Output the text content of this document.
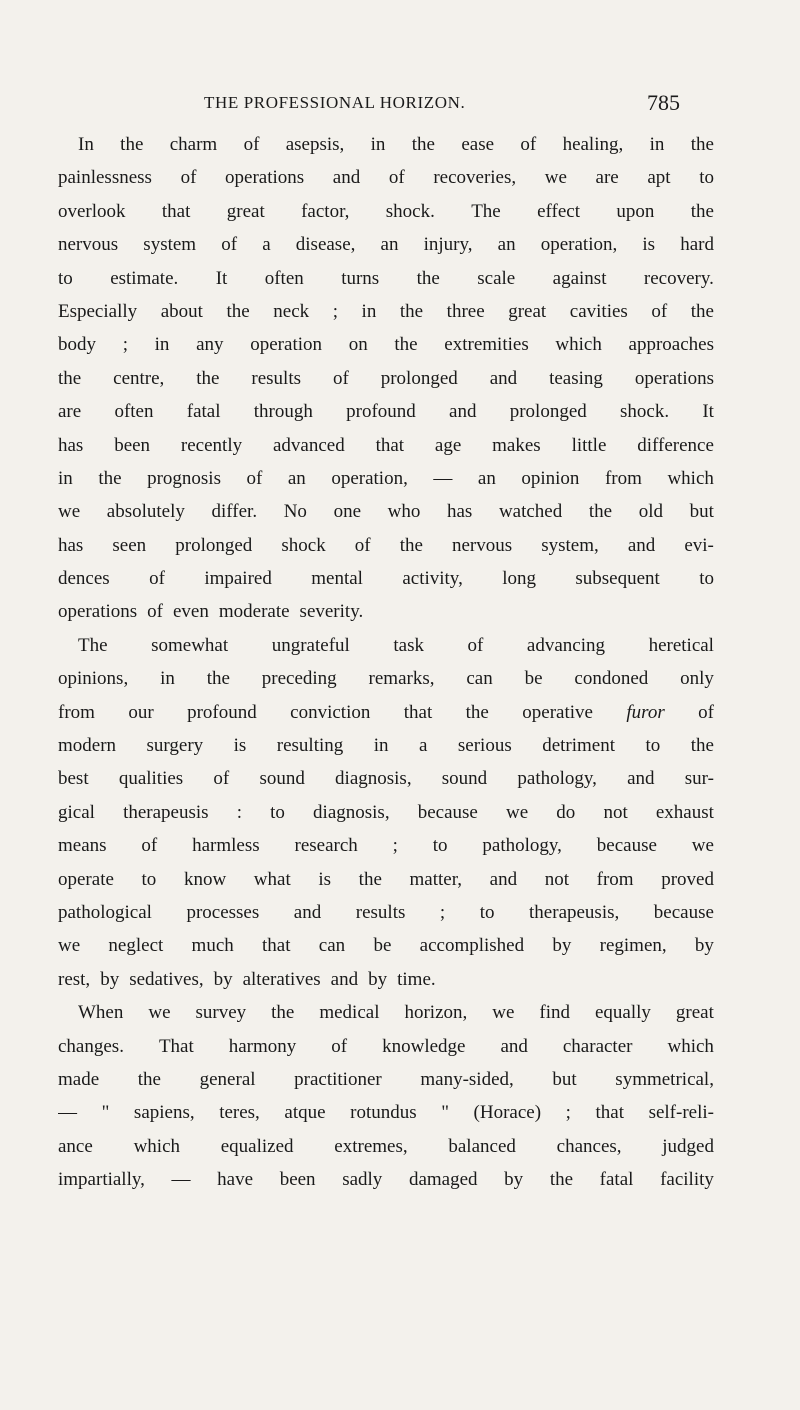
THE PROFESSIONAL HORIZON.	785
In the charm of asepsis, in the ease of healing, in the
painlessness of operations and of recoveries, we are apt to
overlook that great factor, shock. The effect upon the
nervous system of a disease, an injury, an operation, is hard
to estimate. It often turns the scale against recovery.
Especially about the neck ; in the three great cavities of the
body ; in any operation on the extremities which approaches
the centre, the results of prolonged and teasing operations
are often fatal through profound and prolonged shock. It
has been recently advanced that age makes little difference
in the prognosis of an operation, — an opinion from which
we absolutely differ. No one who has watched the old but
has seen prolonged shock of the nervous system, and evi-
dences of impaired mental activity, long subsequent to
operations of even moderate severity.
The somewhat ungrateful task of advancing heretical
opinions, in the preceding remarks, can be condoned only
from our profound conviction that the operative furor of
modern surgery is resulting in a serious detriment to the
best qualities of sound diagnosis, sound pathology, and sur-
gical therapeusis : to diagnosis, because we do not exhaust
means of harmless research ; to pathology, because we
operate to know what is the matter, and not from proved
pathological processes and results ; to therapeusis, because
we neglect much that can be accomplished by regimen, by
rest, by sedatives, by alteratives and by time.
When we survey the medical horizon, we find equally great
changes. That harmony of knowledge and character which
made the general practitioner many-sided, but symmetrical,
— " sapiens, teres, atque rotundus " (Horace) ; that self-reli-
ance which equalized extremes, balanced chances, judged
impartially, — have been sadly damaged by the fatal facility
